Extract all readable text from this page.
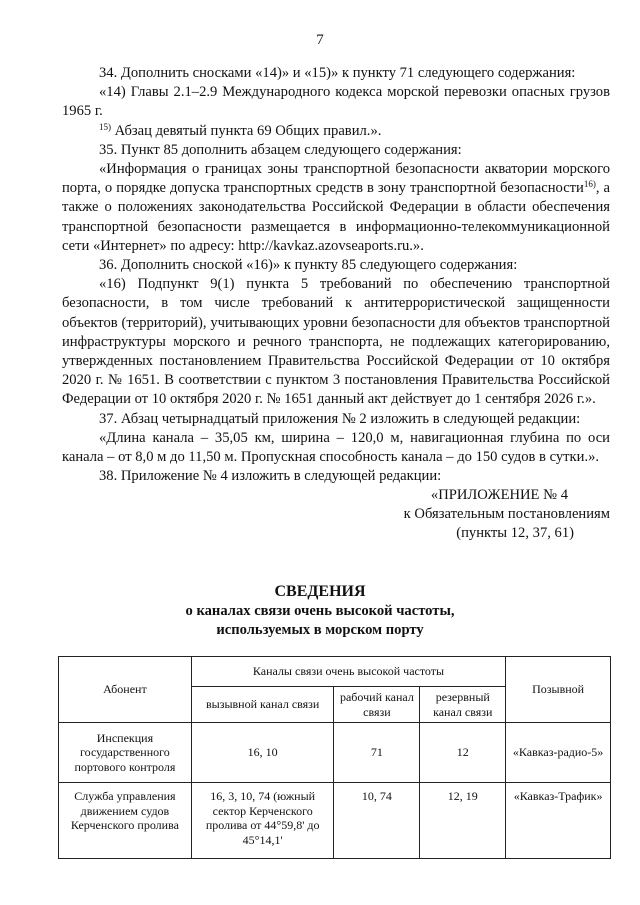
7

34. Дополнить сносками «14)» и «15)» к пункту 71 следующего содержания:

«14) Главы 2.1–2.9 Международного кодекса морской перевозки опасных грузов 1965 г.

$^{15)}$ Абзац девятый пункта 69 Общих правил.».

35. Пункт 85 дополнить абзацем следующего содержания:

«Информация о границах зоны транспортной безопасности акватории морского порта, о порядке допуска транспортных средств в зону транспортной безопасности$^{16)}$, а также о положениях законодательства Российской Федерации в области обеспечения транспортной безопасности размещается в информационно-телекоммуникационной сети «Интернет» по адресу: http://kavkaz.azovseaports.ru.».

36. Дополнить сноской «16)» к пункту 85 следующего содержания:

«16) Подпункт 9(1) пункта 5 требований по обеспечению транспортной безопасности, в том числе требований к антитеррористической защищенности объектов (территорий), учитывающих уровни безопасности для объектов транспортной инфраструктуры морского и речного транспорта, не подлежащих категорированию, утвержденных постановлением Правительства Российской Федерации от 10 октября 2020 г. № 1651. В соответствии с пунктом 3 постановления Правительства Российской Федерации от 10 октября 2020 г. № 1651 данный акт действует до 1 сентября 2026 г.».

37. Абзац четырнадцатый приложения № 2 изложить в следующей редакции:

«Длина канала – 35,05 км, ширина – 120,0 м, навигационная глубина по оси канала – от 8,0 м до 11,50 м. Пропускная способность канала – до 150 судов в сутки.».

38. Приложение № 4 изложить в следующей редакции:

«ПРИЛОЖЕНИЕ № 4
к Обязательным постановлениям
(пункты 12, 37, 61)
СВЕДЕНИЯ
о каналах связи очень высокой частоты,
используемых в морском порту
Абонент	Каналы связи очень высокой частоты			Позывной
	вызывной канал связи	рабочий канал связи	резервный канал связи	
Инспекция государственного портового контроля	16, 10	71	12	«Кавказ-радио-5»
Служба управления движением судов Керченского пролива	16, 3, 10, 74 (южный сектор Керченского пролива от 44°59,8' до 45°14,1'	10, 74	12, 19	«Кавказ-Трафик»
